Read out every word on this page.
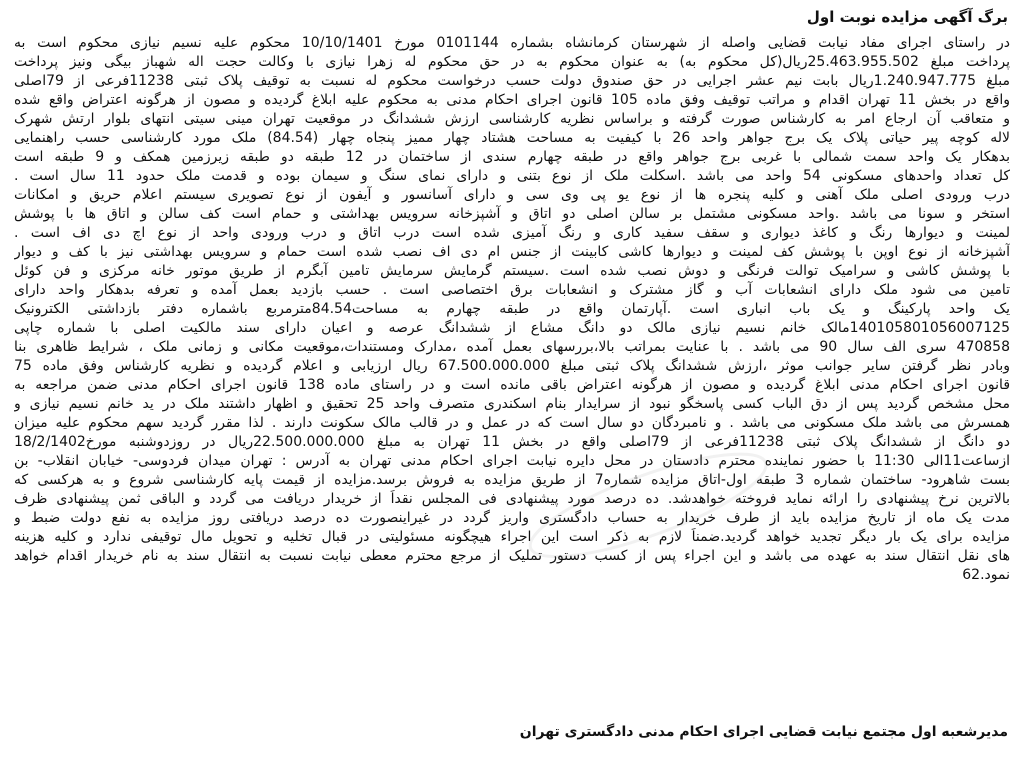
برگ آگهی مزایده نوبت اول
در راستای اجرای مفاد نیابت قضایی واصله از شهرستان کرمانشاه بشماره 0101144 مورخ 10/10/1401 محکوم علیه نسیم نیازی محکوم است به
پرداخت مبلغ 25.463.955.502ریال(کل محکوم به) به عنوان محکوم به در حق محکوم له زهرا نیازی با وکالت حجت اله شهباز بیگی ونیز پرداخت
مبلغ 1.240.947.775ریال بابت نیم عشر اجرایی در حق صندوق دولت حسب درخواست محکوم له نسبت به توقیف پلاک ثبتی 11238فرعی از 79اصلی
واقع در بخش 11 تهران اقدام و مراتب توقیف وفق ماده 105 قانون اجرای احکام مدنی به محکوم علیه ابلاغ گردیده و مصون از هرگونه اعتراض واقع شده
و متعاقب آن ارجاع امر به کارشناس صورت گرفته و براساس نظریه کارشناسی ارزش ششدانگ در موقعیت تهران مینی سیتی انتهای بلوار ارتش شهرک
لاله کوچه پیر حیاتی پلاک یک برج جواهر واحد 26 با کیفیت به مساحت هشتاد چهار ممیز پنجاه چهار (84.54) ملک مورد کارشناسی حسب راهنمایی
بدهکار یک واحد سمت شمالی با غربی برج جواهر واقع در طبقه چهارم سندی از ساختمان در 12 طبقه دو طبقه زیرزمین همکف و 9 طبقه است
کل تعداد واحدهای مسکونی 54 واحد می باشد .اسکلت ملک از نوع بتنی و دارای نمای سنگ و سیمان بوده و قدمت ملک حدود 11 سال است .
درب ورودی اصلی ملک آهنی و کلیه پنجره ها از نوع یو پی وی سی و دارای آسانسور و آیفون از نوع تصویری سیستم اعلام حریق و امکانات
استخر و سونا می باشد .واحد مسکونی مشتمل بر سالن اصلی دو اتاق و آشپزخانه سرویس بهداشتی و حمام است کف سالن و اتاق ها با پوشش
لمینت و دیوارها رنگ و کاغذ دیواری و سقف سفید کاری و رنگ آمیزی شده است درب اتاق و درب ورودی واحد از نوع اچ دی اف است .
آشپزخانه از نوع اوپن با پوشش کف لمینت و دیوارها کاشی کابینت از جنس ام دی اف نصب شده است حمام و سرویس بهداشتی نیز با کف و دیوار
با پوشش کاشی و سرامیک توالت فرنگی و دوش نصب شده است .سیستم گرمایش سرمایش تامین آبگرم از طریق موتور خانه مرکزی و فن کوئل
تامین می شود ملک دارای انشعابات آب و گاز مشترک و انشعابات برق اختصاصی است . حسب بازدید بعمل آمده و تعرفه بدهکار واحد دارای
یک واحد پارکینگ و یک باب انباری است .آپارتمان واقع در طبقه چهارم به مساحت84.54مترمربع باشماره دفتر بازداشتی الکترونیک
140105801056007125مالک خانم نسیم نیازی مالک دو دانگ مشاع از ششدانگ عرصه و اعیان دارای سند مالکیت اصلی با شماره چاپی
470858 سری الف سال 90 می باشد . با عنایت بمراتب بالا،بررسهای بعمل آمده ،مدارک ومستندات،موقعیت مکانی و زمانی ملک ، شرایط ظاهری بنا
وبادر نظر گرفتن سایر جوانب موثر ،ارزش ششدانگ پلاک ثبتی مبلغ 67.500.000.000 ریال ارزیابی و اعلام گردیده و نظریه کارشناس وفق ماده 75
قانون اجرای احکام مدنی ابلاغ گردیده و مصون از هرگونه اعتراض باقی مانده است و در راستای ماده 138 قانون اجرای احکام مدنی ضمن مراجعه به
محل مشخص گردید پس از دق الباب کسی پاسخگو نبود از سرایدار بنام اسکندری متصرف واحد 25 تحقیق و اظهار داشتند ملک در ید خانم نسیم نیازی و
همسرش می باشد ملک مسکونی می باشد . و نامبردگان دو سال است که در عمل و در قالب مالک سکونت دارند . لذا مقرر گردید سهم محکوم علیه میزان
دو دانگ از ششدانگ پلاک ثبتی 11238فرعی از 79اصلی واقع در بخش 11 تهران به مبلغ 22.500.000.000ریال در روزدوشنبه مورخ18/2/1402
ازساعت11الی 11:30 با حضور نماینده محترم دادستان در محل دایره نیابت اجرای احکام مدنی تهران به آدرس : تهران میدان فردوسی- خیابان انقلاب- بن
بست شاهرود- ساختمان شماره 3 طبقه اول-اتاق مزایده شماره7 از طریق مزایده به فروش برسد.مزایده از قیمت پایه کارشناسی شروع و به هرکسی که
بالاترین نرخ پیشنهادی را ارائه نماید فروخته خواهدشد. ده درصد مورد پیشنهادی فی المجلس نقداً از خریدار دریافت می گردد و الباقی ثمن پیشنهادی ظرف
مدت یک ماه از تاریخ مزایده باید از طرف خریدار به حساب دادگستری واریز گردد در غیراینصورت ده درصد دریافتی روز مزایده به نفع دولت ضبط و
مزایده برای یک بار دیگر تجدید خواهد گردید.ضمناً لازم به ذکر است این اجراء هیچگونه مسئولیتی در قبال تخلیه و تحویل مال توقیفی ندارد و کلیه هزینه
های نقل انتقال سند به عهده می باشد و این اجراء پس از کسب دستور تملیک از مرجع محترم معطی نیابت نسبت به انتقال سند به نام خریدار اقدام خواهد
نمود.62
مدیرشعبه اول مجتمع نیابت قضایی اجرای احکام مدنی دادگستری تهران
